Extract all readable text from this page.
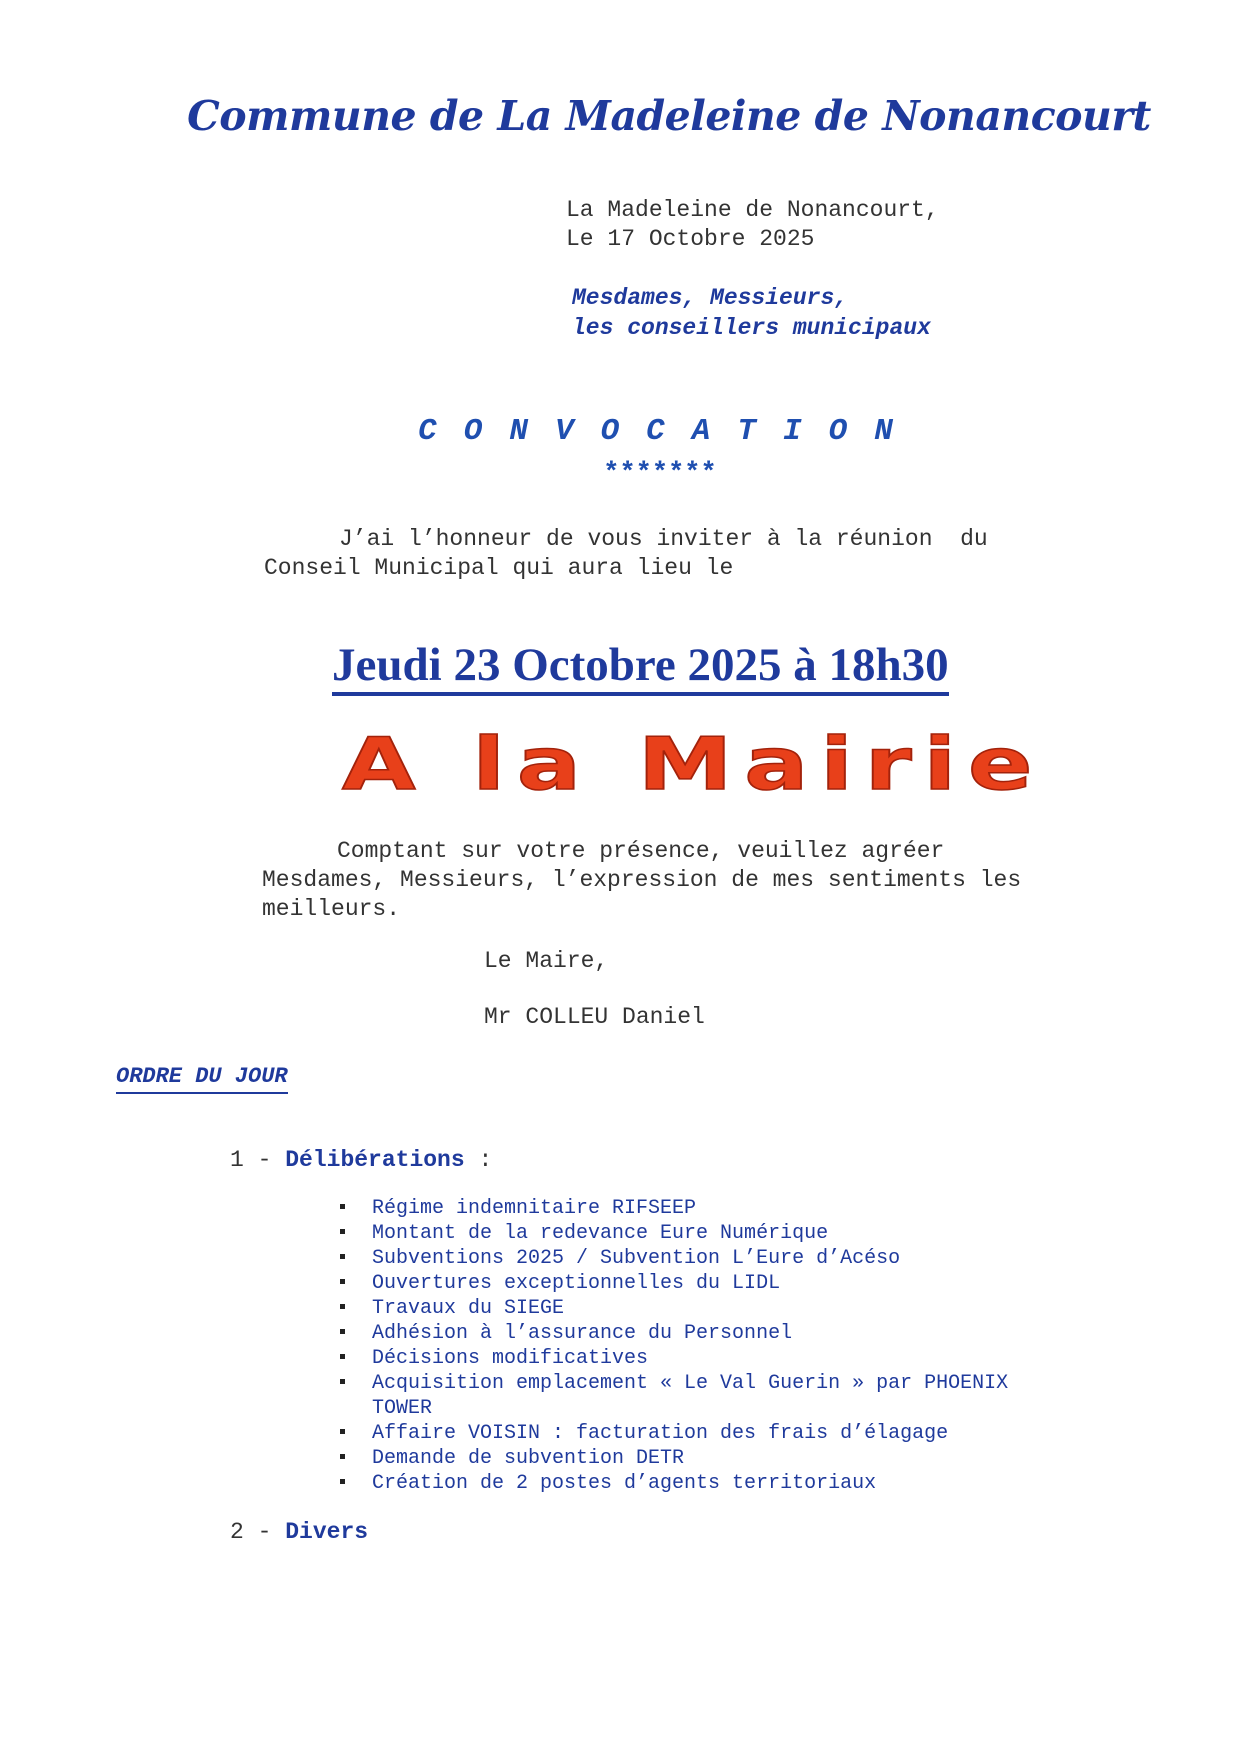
Commune de La Madeleine de Nonancourt
La Madeleine de Nonancourt,
Le 17 Octobre 2025
Mesdames, Messieurs,
les conseillers municipaux
CONVOCATION
*******
J’ai l’honneur de vous inviter à la réunion  du
Conseil Municipal qui aura lieu le
Jeudi 23 Octobre 2025 à 18h30
A la Mairie
Comptant sur votre présence, veuillez agréer
Mesdames, Messieurs, l’expression de mes sentiments les
meilleurs.
Le Maire,
Mr COLLEU Daniel
ORDRE DU JOUR
1 - Délibérations :
Régime indemnitaire RIFSEEP
Montant de la redevance Eure Numérique
Subventions 2025 / Subvention L’Eure d’Acéso
Ouvertures exceptionnelles du LIDL
Travaux du SIEGE
Adhésion à l’assurance du Personnel
Décisions modificatives
Acquisition emplacement « Le Val Guerin » par PHOENIX TOWER
Affaire VOISIN : facturation des frais d’élagage
Demande de subvention DETR
Création de 2 postes d’agents territoriaux
2 - Divers
